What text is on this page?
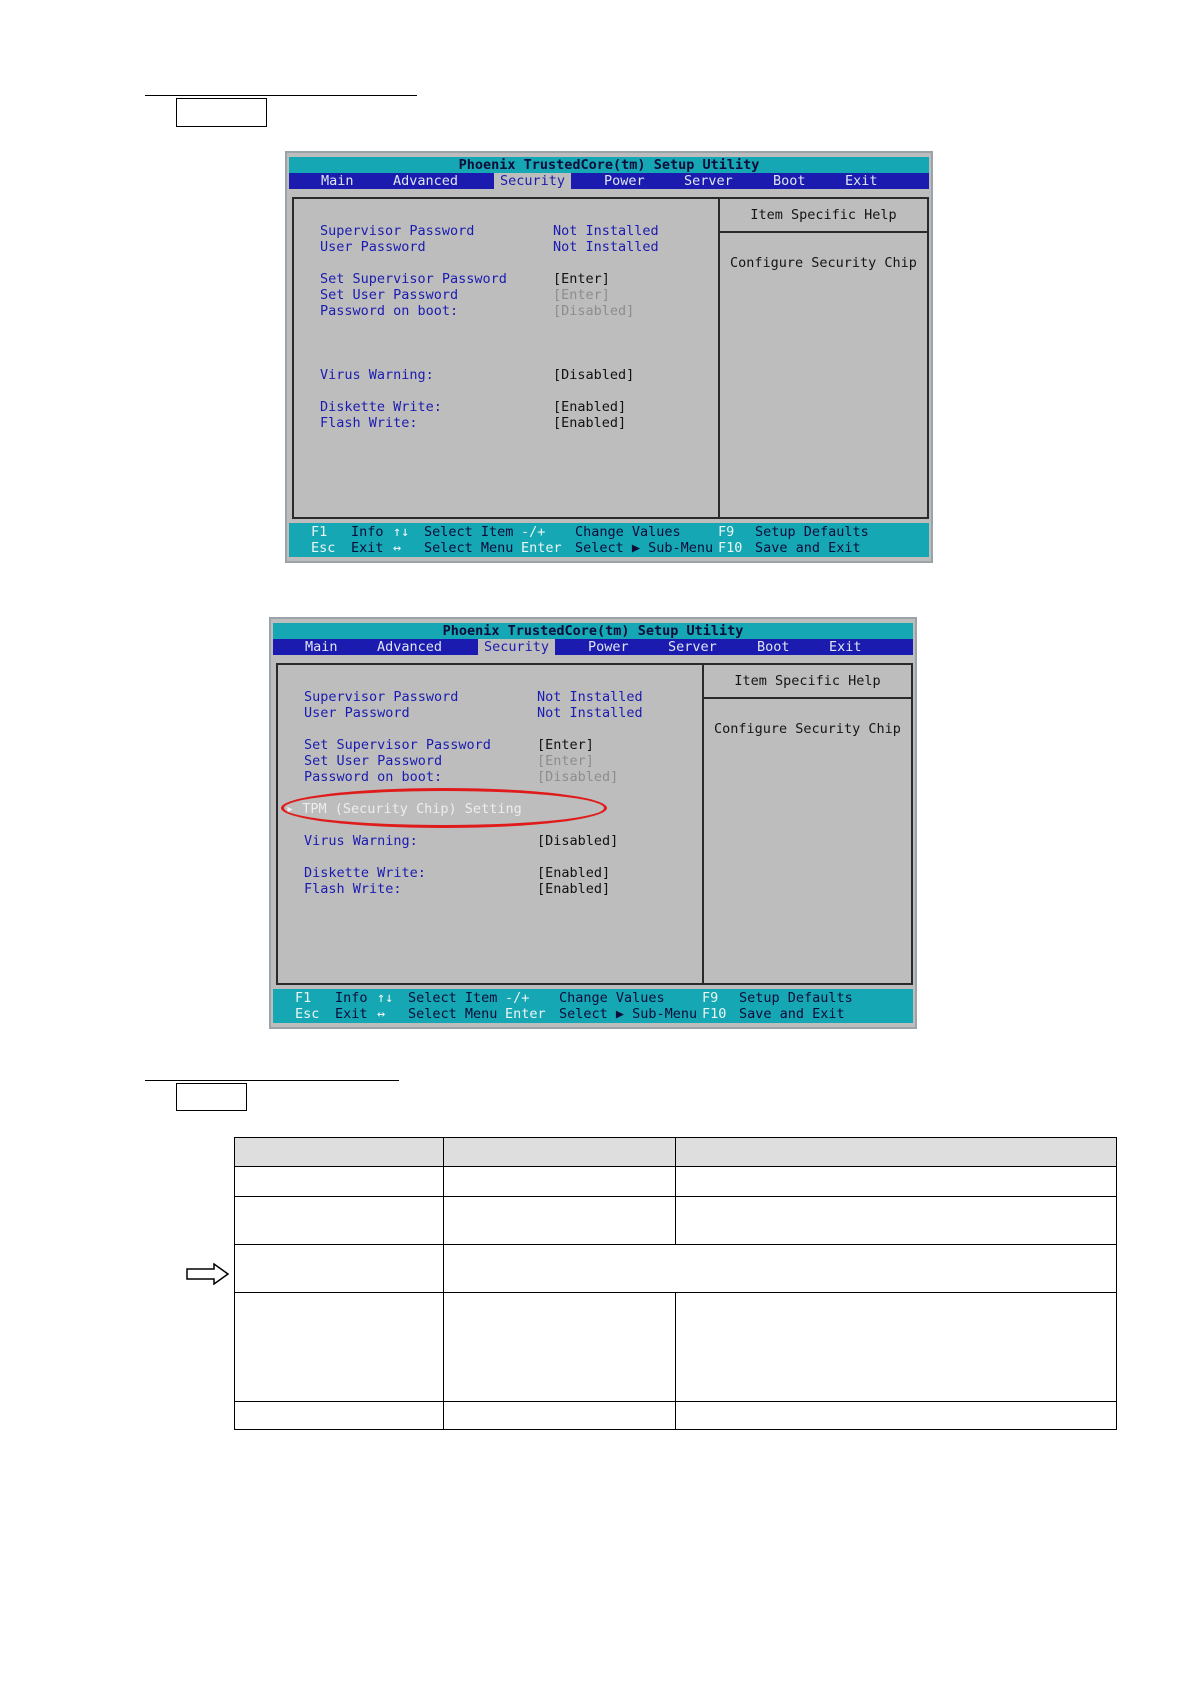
Phoenix TrustedCore(tm) Setup Utility
Main	Advanced	Security	Power	Server	Boot	Exit
Supervisor Password	Not Installed
User Password	Not Installed
Set Supervisor Password	[Enter]
Set User Password	[Enter]
Password on boot:	[Disabled]
Virus Warning:	[Disabled]
Diskette Write:	[Enabled]
Flash Write:	[Enabled]
Item Specific Help
Configure Security Chip
F1 Info ↑↓ Select Item -/+ Change Values	F9 Setup Defaults
Esc Exit ↔ Select Menu Enter Select ▶ Sub-Menu F10 Save and Exit
Phoenix TrustedCore(tm) Setup Utility
Main	Advanced	Security	Power	Server	Boot	Exit
Supervisor Password	Not Installed
User Password	Not Installed
Set Supervisor Password	[Enter]
Set User Password	[Enter]
Password on boot:	[Disabled]
▸ TPM (Security Chip) Setting
Virus Warning:	[Disabled]
Diskette Write:	[Enabled]
Flash Write:	[Enabled]
Item Specific Help
Configure Security Chip
F1 Info ↑↓ Select Item -/+ Change Values	F9 Setup Defaults
Esc Exit ↔ Select Menu Enter Select ▶ Sub-Menu F10 Save and Exit
